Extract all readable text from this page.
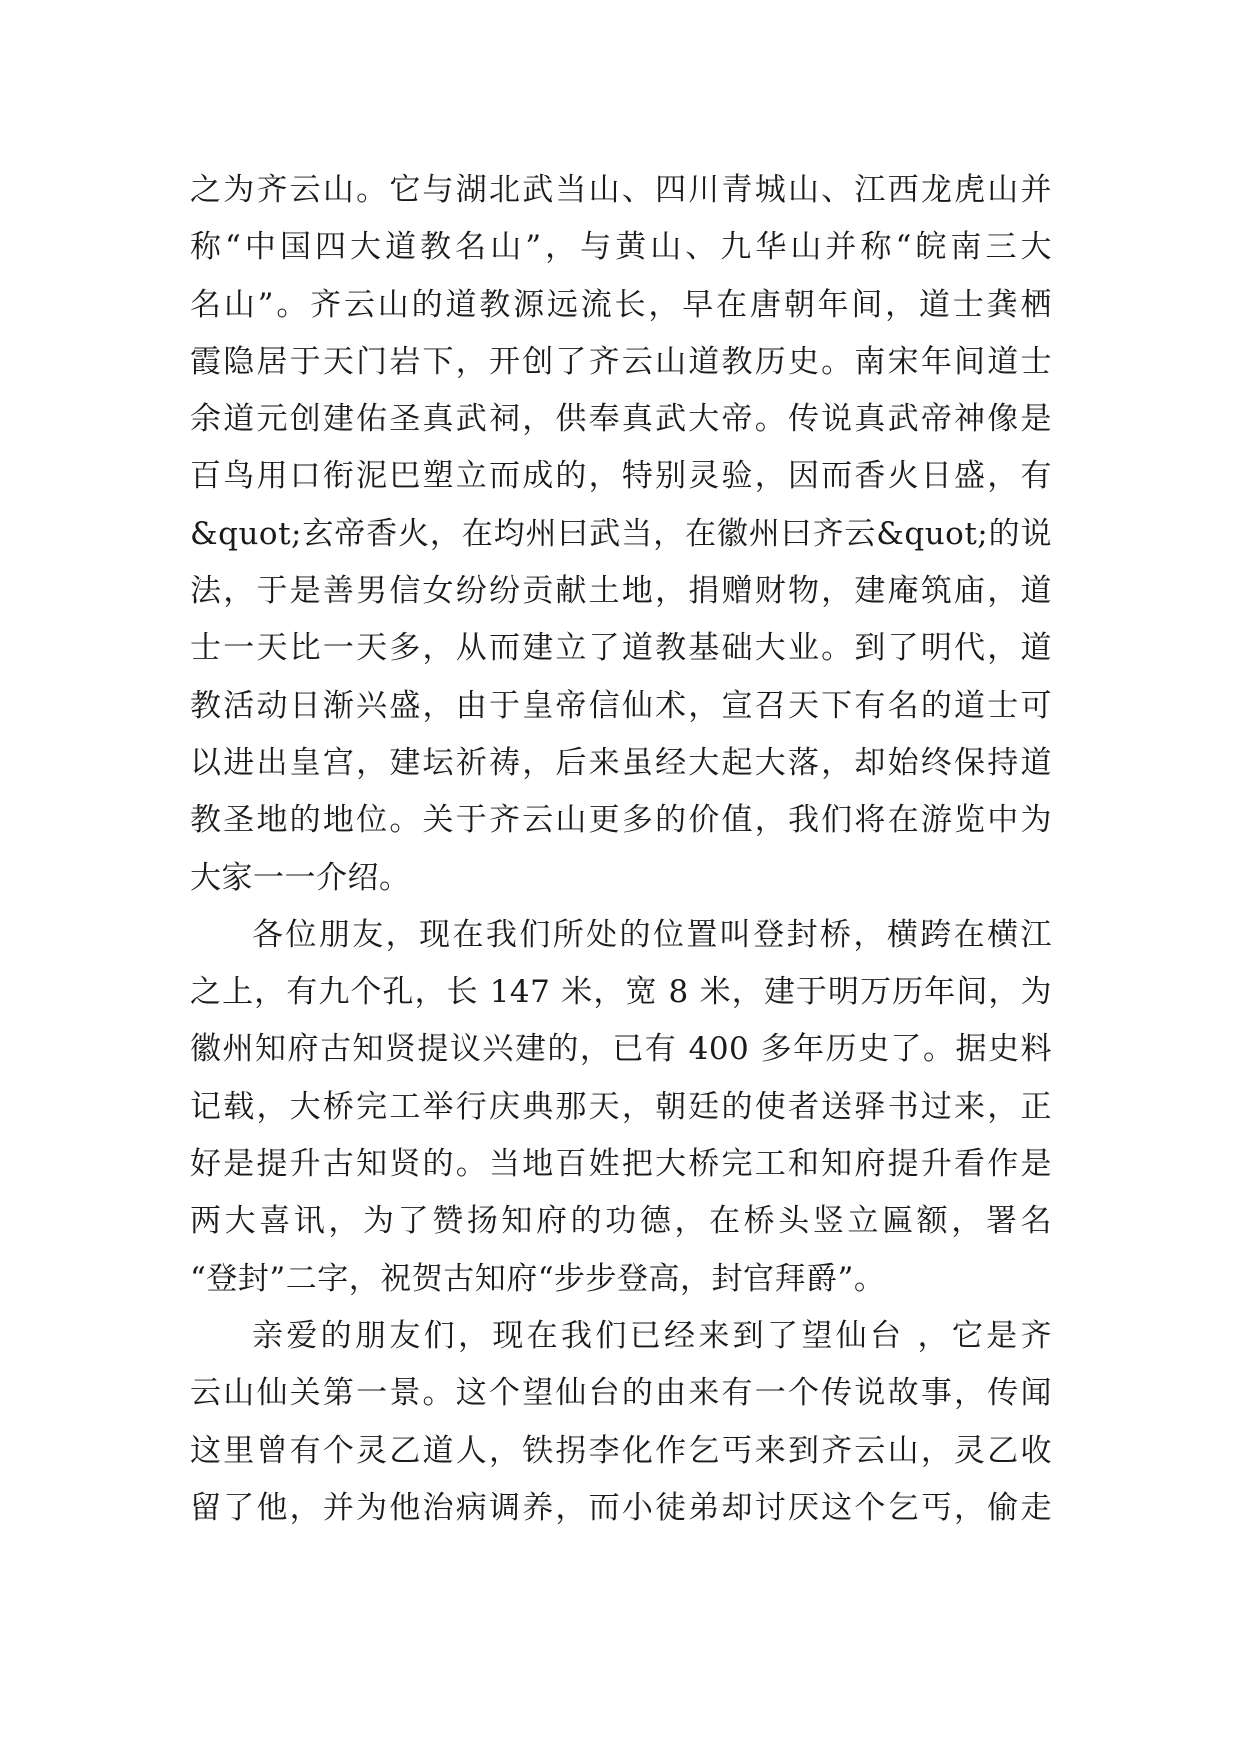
之为齐云山。它与湖北武当山、四川青城山、江西龙虎山并
称“中国四大道教名山”，与黄山、九华山并称“皖南三大
名山”。齐云山的道教源远流长，早在唐朝年间，道士龚栖
霞隐居于天门岩下，开创了齐云山道教历史。南宋年间道士
余道元创建佑圣真武祠，供奉真武大帝。传说真武帝神像是
百鸟用口衔泥巴塑立而成的，特别灵验，因而香火日盛，有
&quot;玄帝香火，在均州曰武当，在徽州曰齐云&quot;的说
法，于是善男信女纷纷贡献土地，捐赠财物，建庵筑庙，道
士一天比一天多，从而建立了道教基础大业。到了明代，道
教活动日渐兴盛，由于皇帝信仙术，宣召天下有名的道士可
以进出皇宫，建坛祈祷，后来虽经大起大落，却始终保持道
教圣地的地位。关于齐云山更多的价值，我们将在游览中为
大家一一介绍。
各位朋友，现在我们所处的位置叫登封桥，横跨在横江
之上，有九个孔，长 147 米，宽 8 米，建于明万历年间，为
徽州知府古知贤提议兴建的，已有 400 多年历史了。据史料
记载，大桥完工举行庆典那天，朝廷的使者送驿书过来，正
好是提升古知贤的。当地百姓把大桥完工和知府提升看作是
两大喜讯，为了赞扬知府的功德，在桥头竖立匾额，署名
“登封”二字，祝贺古知府“步步登高，封官拜爵”。
亲爱的朋友们，现在我们已经来到了望仙台 ，它是齐
云山仙关第一景。这个望仙台的由来有一个传说故事，传闻
这里曾有个灵乙道人，铁拐李化作乞丐来到齐云山，灵乙收
留了他，并为他治病调养，而小徒弟却讨厌这个乞丐，偷走
